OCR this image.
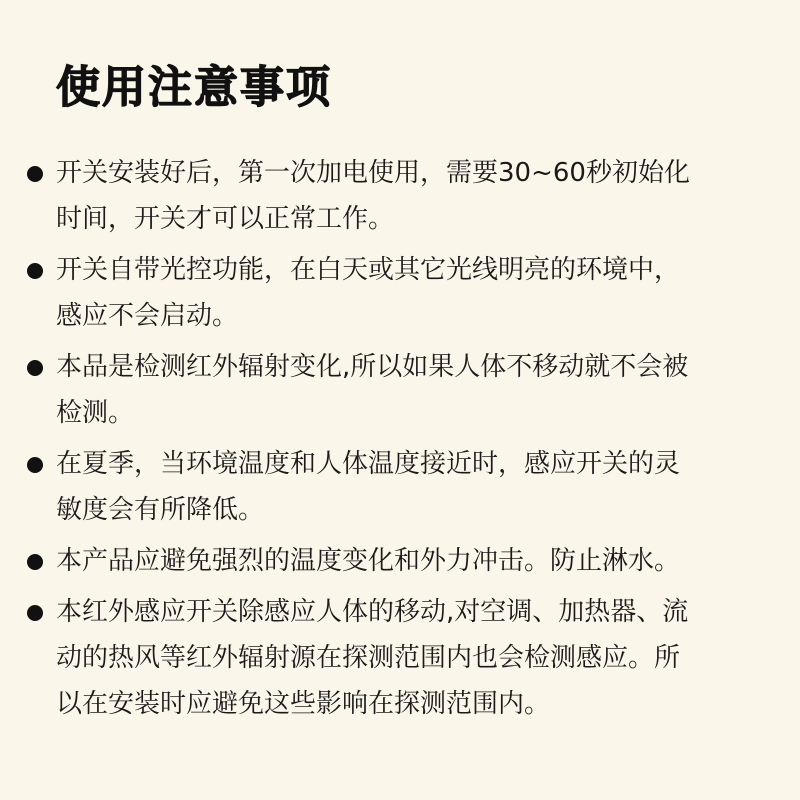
使用注意事项
开关安装好后，第一次加电使用，需要30~60秒初始化
时间，开关才可以正常工作。
开关自带光控功能，在白天或其它光线明亮的环境中，
感应不会启动。
本品是检测红外辐射变化,所以如果人体不移动就不会被
检测。
在夏季，当环境温度和人体温度接近时，感应开关的灵
敏度会有所降低。
本产品应避免强烈的温度变化和外力冲击。防止淋水。
本红外感应开关除感应人体的移动,对空调、加热器、流
动的热风等红外辐射源在探测范围内也会检测感应。所
以在安装时应避免这些影响在探测范围内。
